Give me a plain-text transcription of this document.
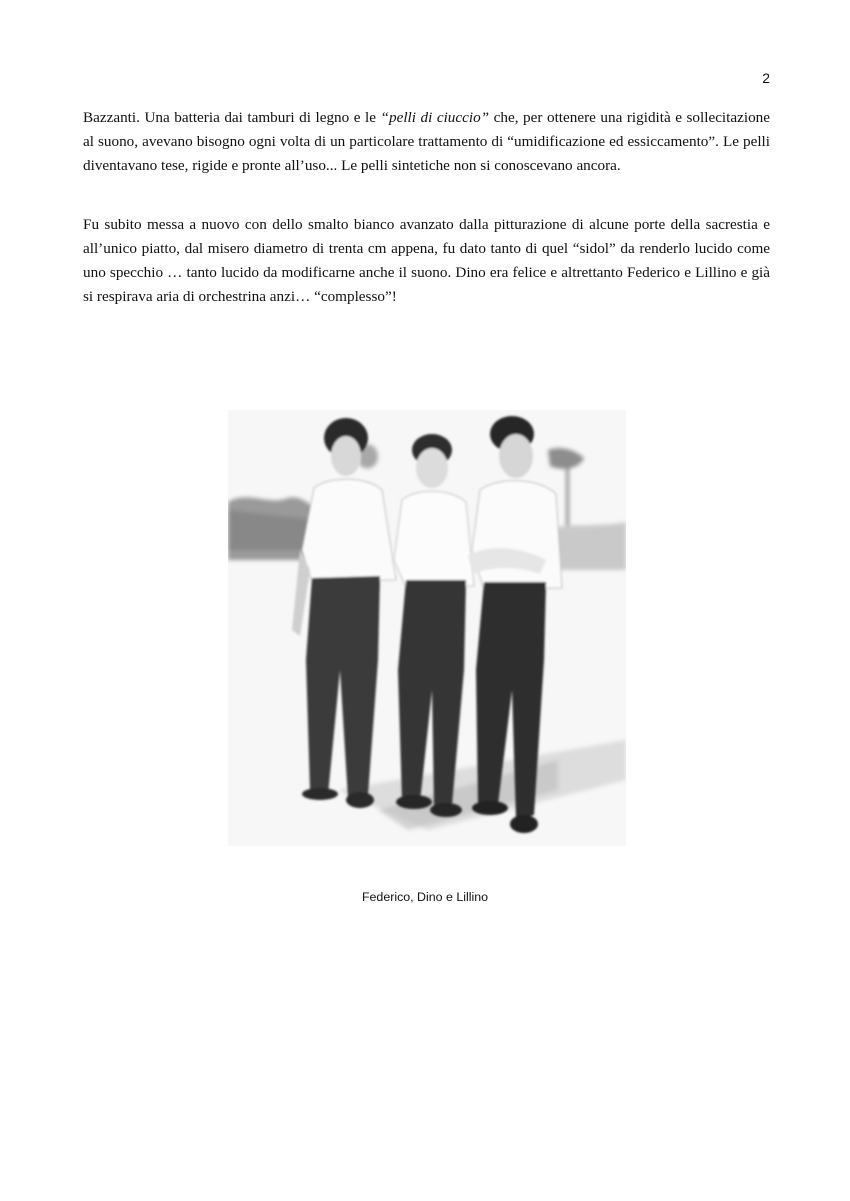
2

Bazzanti. Una batteria dai tamburi di legno e le “pelli di ciuccio” che, per ottenere una rigidità e sollecitazione al suono, avevano bisogno ogni volta di un particolare trattamento di “umidificazione ed essiccamento”. Le pelli diventavano tese, rigide e pronte all’uso... Le pelli sintetiche non si conoscevano ancora.

Fu subito messa a nuovo con dello smalto bianco avanzato dalla pitturazione di alcune porte della sacrestia e all’unico piatto, dal misero diametro di trenta cm appena, fu dato tanto di quel “sidol” da renderlo lucido come uno specchio … tanto lucido da modificarne anche il suono. Dino era felice e altrettanto Federico e Lillino e già si respirava aria di orchestrina anzi… “complesso”!

Federico, Dino e Lillino
